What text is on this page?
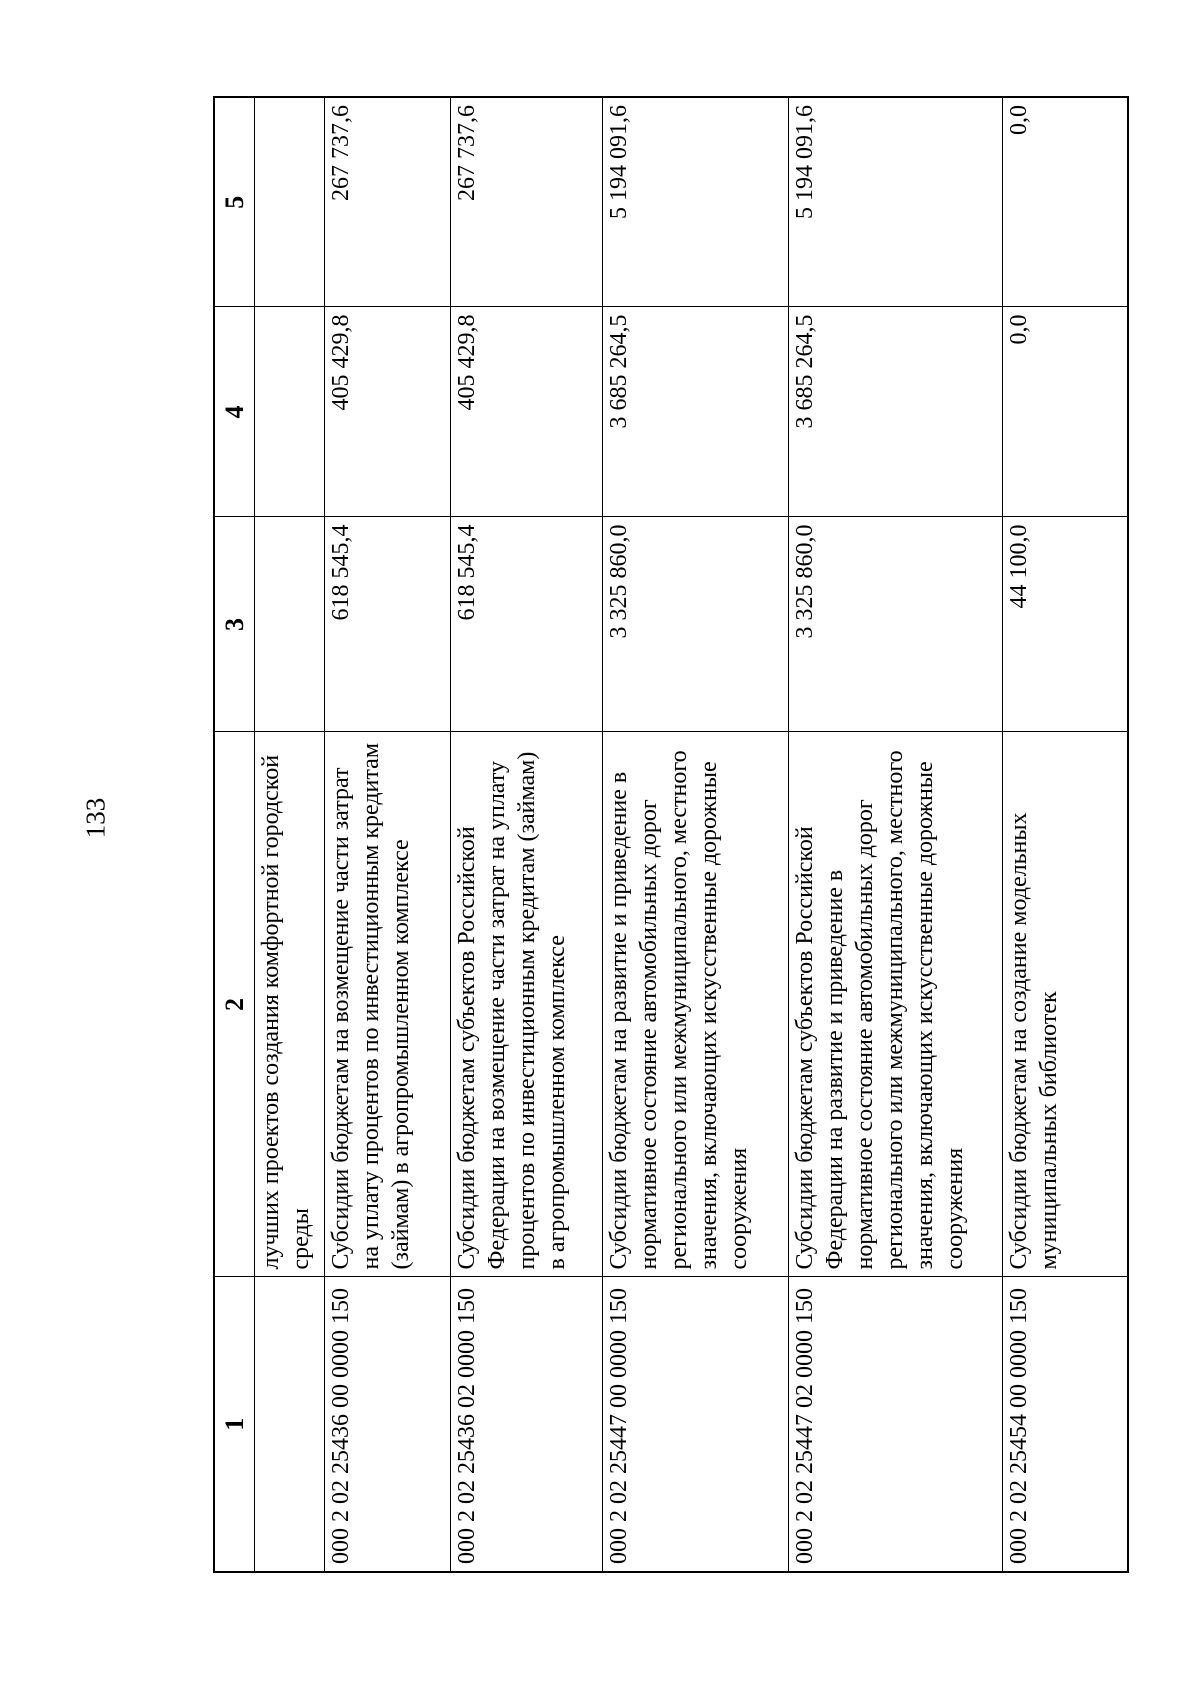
133
1	2	3	4	5
	лучших проектов создания комфортной городской среды			
000 2 02 25436 00 0000 150	Субсидии бюджетам на возмещение части затрат на уплату процентов по инвестиционным кредитам (займам) в агропромышленном комплексе	618 545,4	405 429,8	267 737,6
000 2 02 25436 02 0000 150	Субсидии бюджетам субъектов Российской Федерации на возмещение части затрат на уплату процентов по инвестиционным кредитам (займам) в агропромышленном комплексе	618 545,4	405 429,8	267 737,6
000 2 02 25447 00 0000 150	Субсидии бюджетам на развитие и приведение в нормативное состояние автомобильных дорог регионального или межмуниципального, местного значения, включающих искусственные дорожные сооружения	3 325 860,0	3 685 264,5	5 194 091,6
000 2 02 25447 02 0000 150	Субсидии бюджетам субъектов Российской Федерации на развитие и приведение в нормативное состояние автомобильных дорог регионального или межмуниципального, местного значения, включающих искусственные дорожные сооружения	3 325 860,0	3 685 264,5	5 194 091,6
000 2 02 25454 00 0000 150	Субсидии бюджетам на создание модельных муниципальных библиотек	44 100,0	0,0	0,0
